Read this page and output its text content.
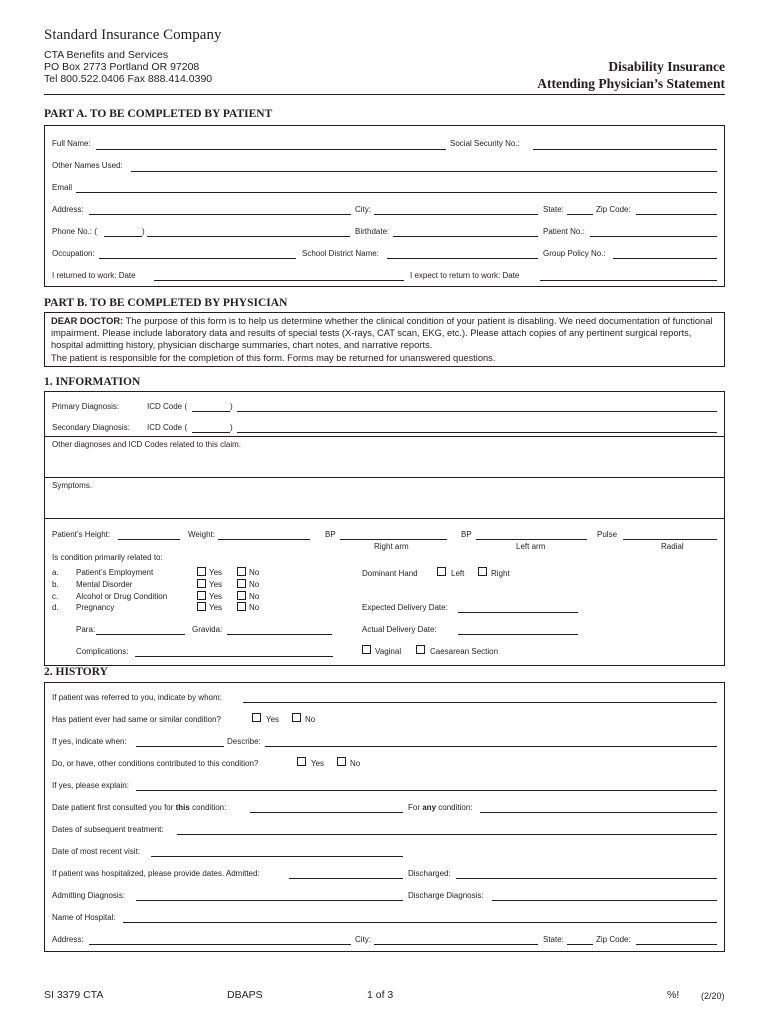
Standard Insurance Company
CTA Benefits and Services
PO Box 2773 Portland OR 97208
Tel 800.522.0406 Fax 888.414.0390
Disability Insurance
Attending Physician’s Statement
PART A. TO BE COMPLETED BY PATIENT
Full Name:	Social Security No.:
Other Names Used:
Email
Address:	City:	State:	Zip Code:
Phone No.: (	)	Birthdate:	Patient No.:
Occupation:	School District Name:	Group Policy No.:
I returned to work: Date	I expect to return to work: Date
PART B. TO BE COMPLETED BY PHYSICIAN
DEAR DOCTOR: The purpose of this form is to help us determine whether the clinical condition of your patient is disabling. We need documentation of functional impairment. Please include laboratory data and results of special tests (X-rays, CAT scan, EKG, etc.). Please attach copies of any pertinent surgical reports, hospital admitting history, physician discharge summaries, chart notes, and narrative reports.
The patient is responsible for the completion of this form. Forms may be returned for unanswered questions.
1. INFORMATION
Primary Diagnosis:	ICD Code (	)
Secondary Diagnosis: ICD Code (	)
Other diagnoses and ICD Codes related to this claim.
Symptoms.
Patient’s Height:	Weight:	BP	BP	Pulse
Right arm	Left arm	Radial
Is condition primarily related to:
a. Patient’s Employment	Yes	No
b. Mental Disorder	Yes	No
c. Alcohol or Drug Condition	Yes	No
d. Pregnancy	Yes	No
Dominant Hand	Left	Right
Expected Delivery Date:
Para:	Gravida:	Actual Delivery Date:
Complications:	Vaginal	Caesarean Section
2. HISTORY
If patient was referred to you, indicate by whom:
Has patient ever had same or similar condition?	Yes	No
If yes, indicate when:	Describe:
Do, or have, other conditions contributed to this condition?	Yes	No
If yes, please explain:
Date patient first consulted you for this condition:	For any condition:
Dates of subsequent treatment:
Date of most recent visit:
If patient was hospitalized, please provide dates. Admitted:	Discharged:
Admitting Diagnosis:	Discharge Diagnosis:
Name of Hospital:
Address:	City:	State:	Zip Code:
SI 3379 CTA	DBAPS	1 of 3	%! (2/20)
